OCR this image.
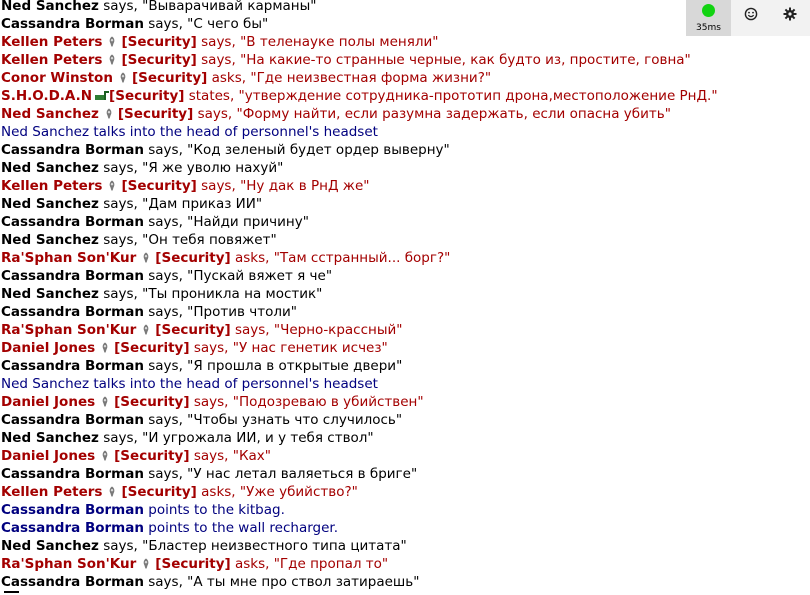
Ned Sanchez says, "Выварачивай карманы"
Cassandra Borman says, "С чего бы"
Kellen Peters [Security] says, "В теленауке полы меняли"
Kellen Peters [Security] says, "На какие-то странные черные, как будто из, простите, говна"
Conor Winston [Security] asks, "Где неизвестная форма жизни?"
S.H.O.D.A.N [Security] states, "утверждение сотрудника-прототип дрона,местоположение РнД."
Ned Sanchez [Security] says, "Форму найти, если разумна задержать, если опасна убить"
Ned Sanchez talks into the head of personnel's headset
Cassandra Borman says, "Код зеленый будет ордер выверну"
Ned Sanchez says, "Я же уволю нахуй"
Kellen Peters [Security] says, "Ну дак в РнД же"
Ned Sanchez says, "Дам приказ ИИ"
Cassandra Borman says, "Найди причину"
Ned Sanchez says, "Он тебя повяжет"
Ra'Sphan Son'Kur [Security] asks, "Там сстранный... борг?"
Cassandra Borman says, "Пускай вяжет я че"
Ned Sanchez says, "Ты проникла на мостик"
Cassandra Borman says, "Против чтоли"
Ra'Sphan Son'Kur [Security] says, "Черно-крассный"
Daniel Jones [Security] says, "У нас генетик исчез"
Cassandra Borman says, "Я прошла в открытые двери"
Ned Sanchez talks into the head of personnel's headset
Daniel Jones [Security] says, "Подозреваю в убийствен"
Cassandra Borman says, "Чтобы узнать что случилось"
Ned Sanchez says, "И угрожала ИИ, и у тебя ствол"
Daniel Jones [Security] says, "Ках"
Cassandra Borman says, "У нас летал валяеться в бриге"
Kellen Peters [Security] asks, "Уже убийство?"
Cassandra Borman points to the kitbag.
Cassandra Borman points to the wall recharger.
Ned Sanchez says, "Бластер неизвестного типа цитата"
Ra'Sphan Son'Kur [Security] asks, "Где пропал то"
Cassandra Borman says, "А ты мне про ствол затираешь"
35ms
